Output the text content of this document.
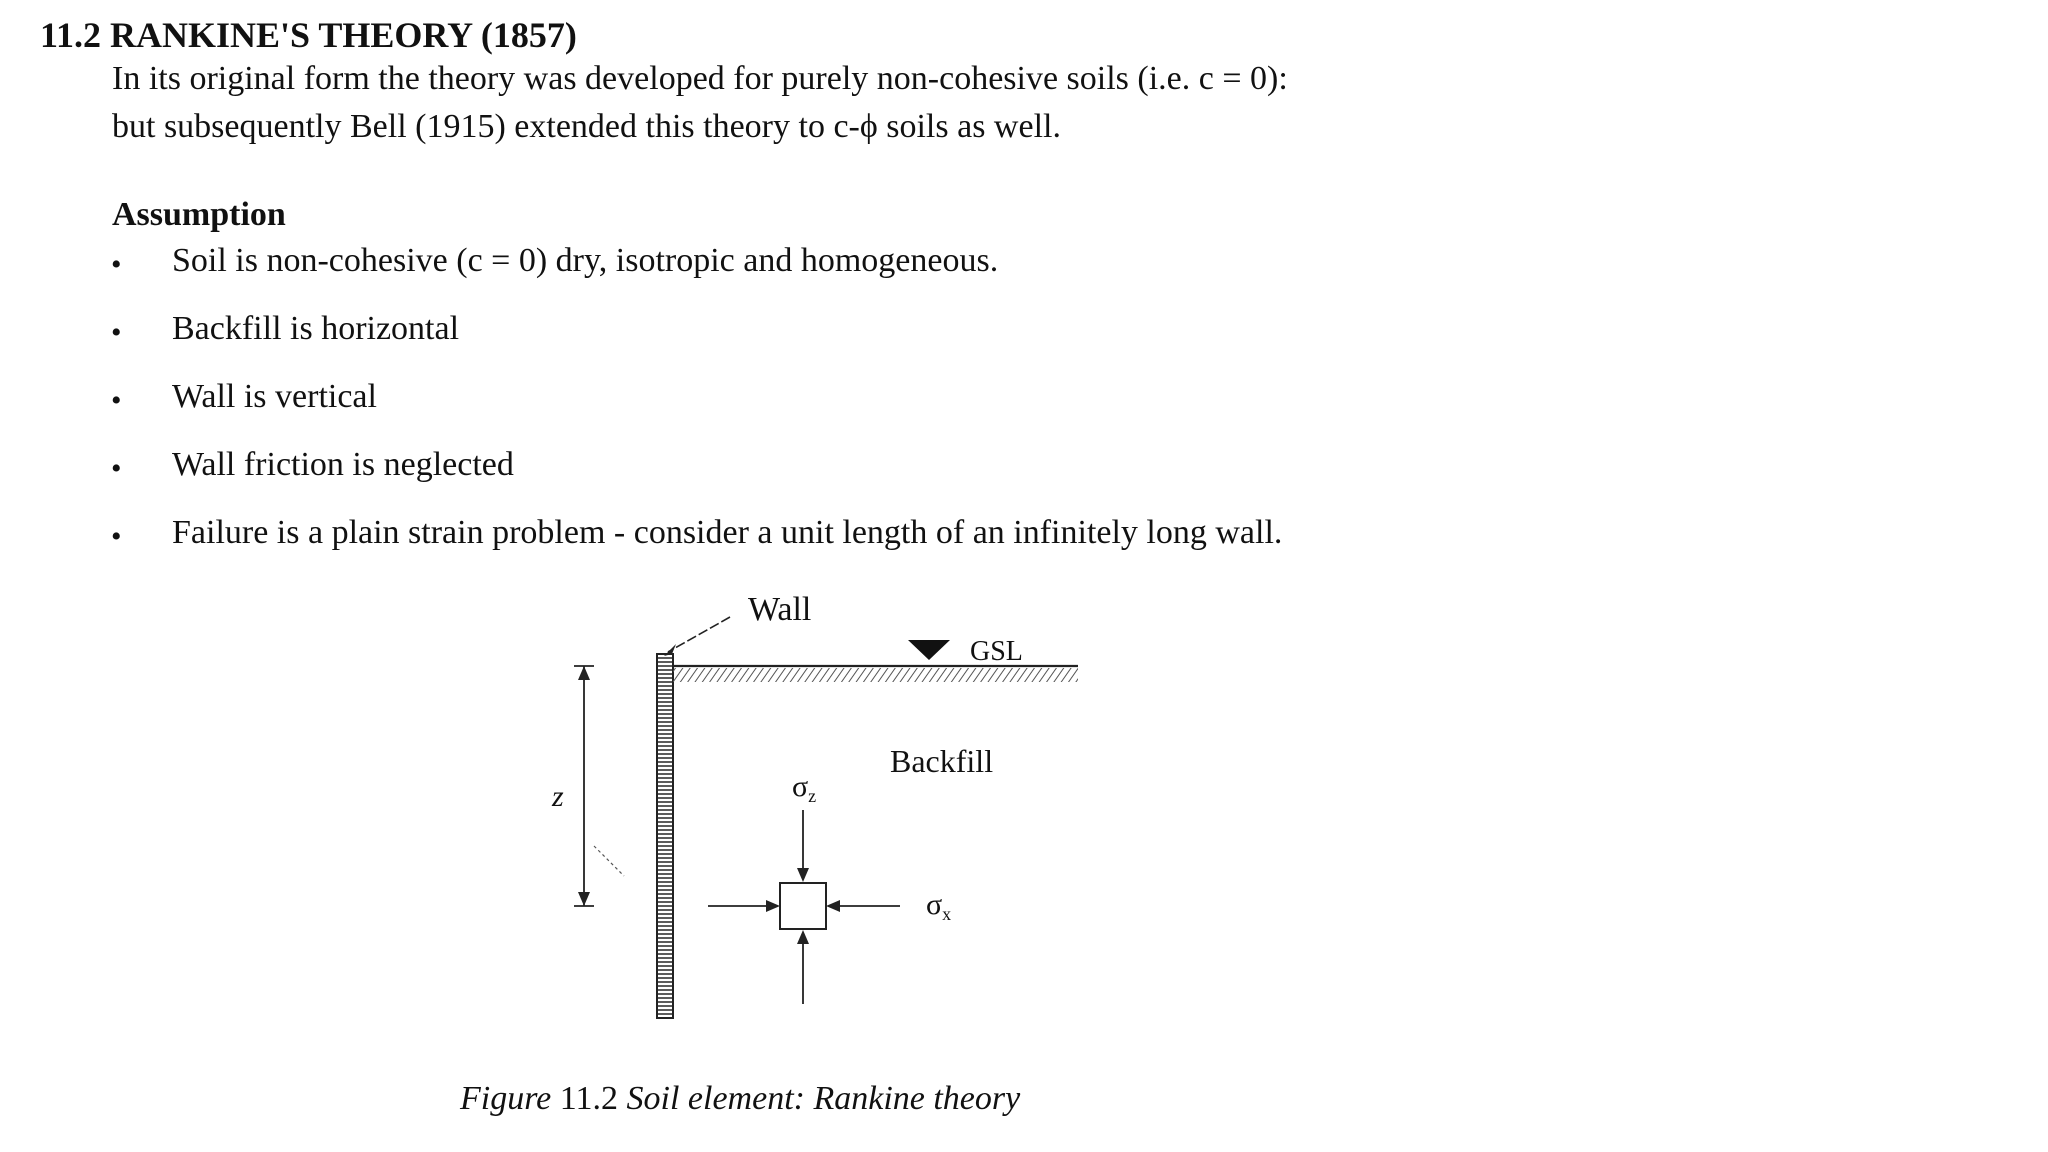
11.2 RANKINE'S THEORY (1857)
In its original form the theory was developed for purely non-cohesive soils (i.e. c = 0):
but subsequently Bell (1915) extended this theory to c-ϕ soils as well.
Assumption
• Soil is non-cohesive (c = 0) dry, isotropic and homogeneous.
• Backfill is horizontal
• Wall is vertical
• Wall friction is neglected
• Failure is a plain strain problem - consider a unit length of an infinitely long wall.
Wall
GSL
Backfill
z	$\sigma_z$
$\sigma_x$
Figure 11.2 Soil element: Rankine theory
